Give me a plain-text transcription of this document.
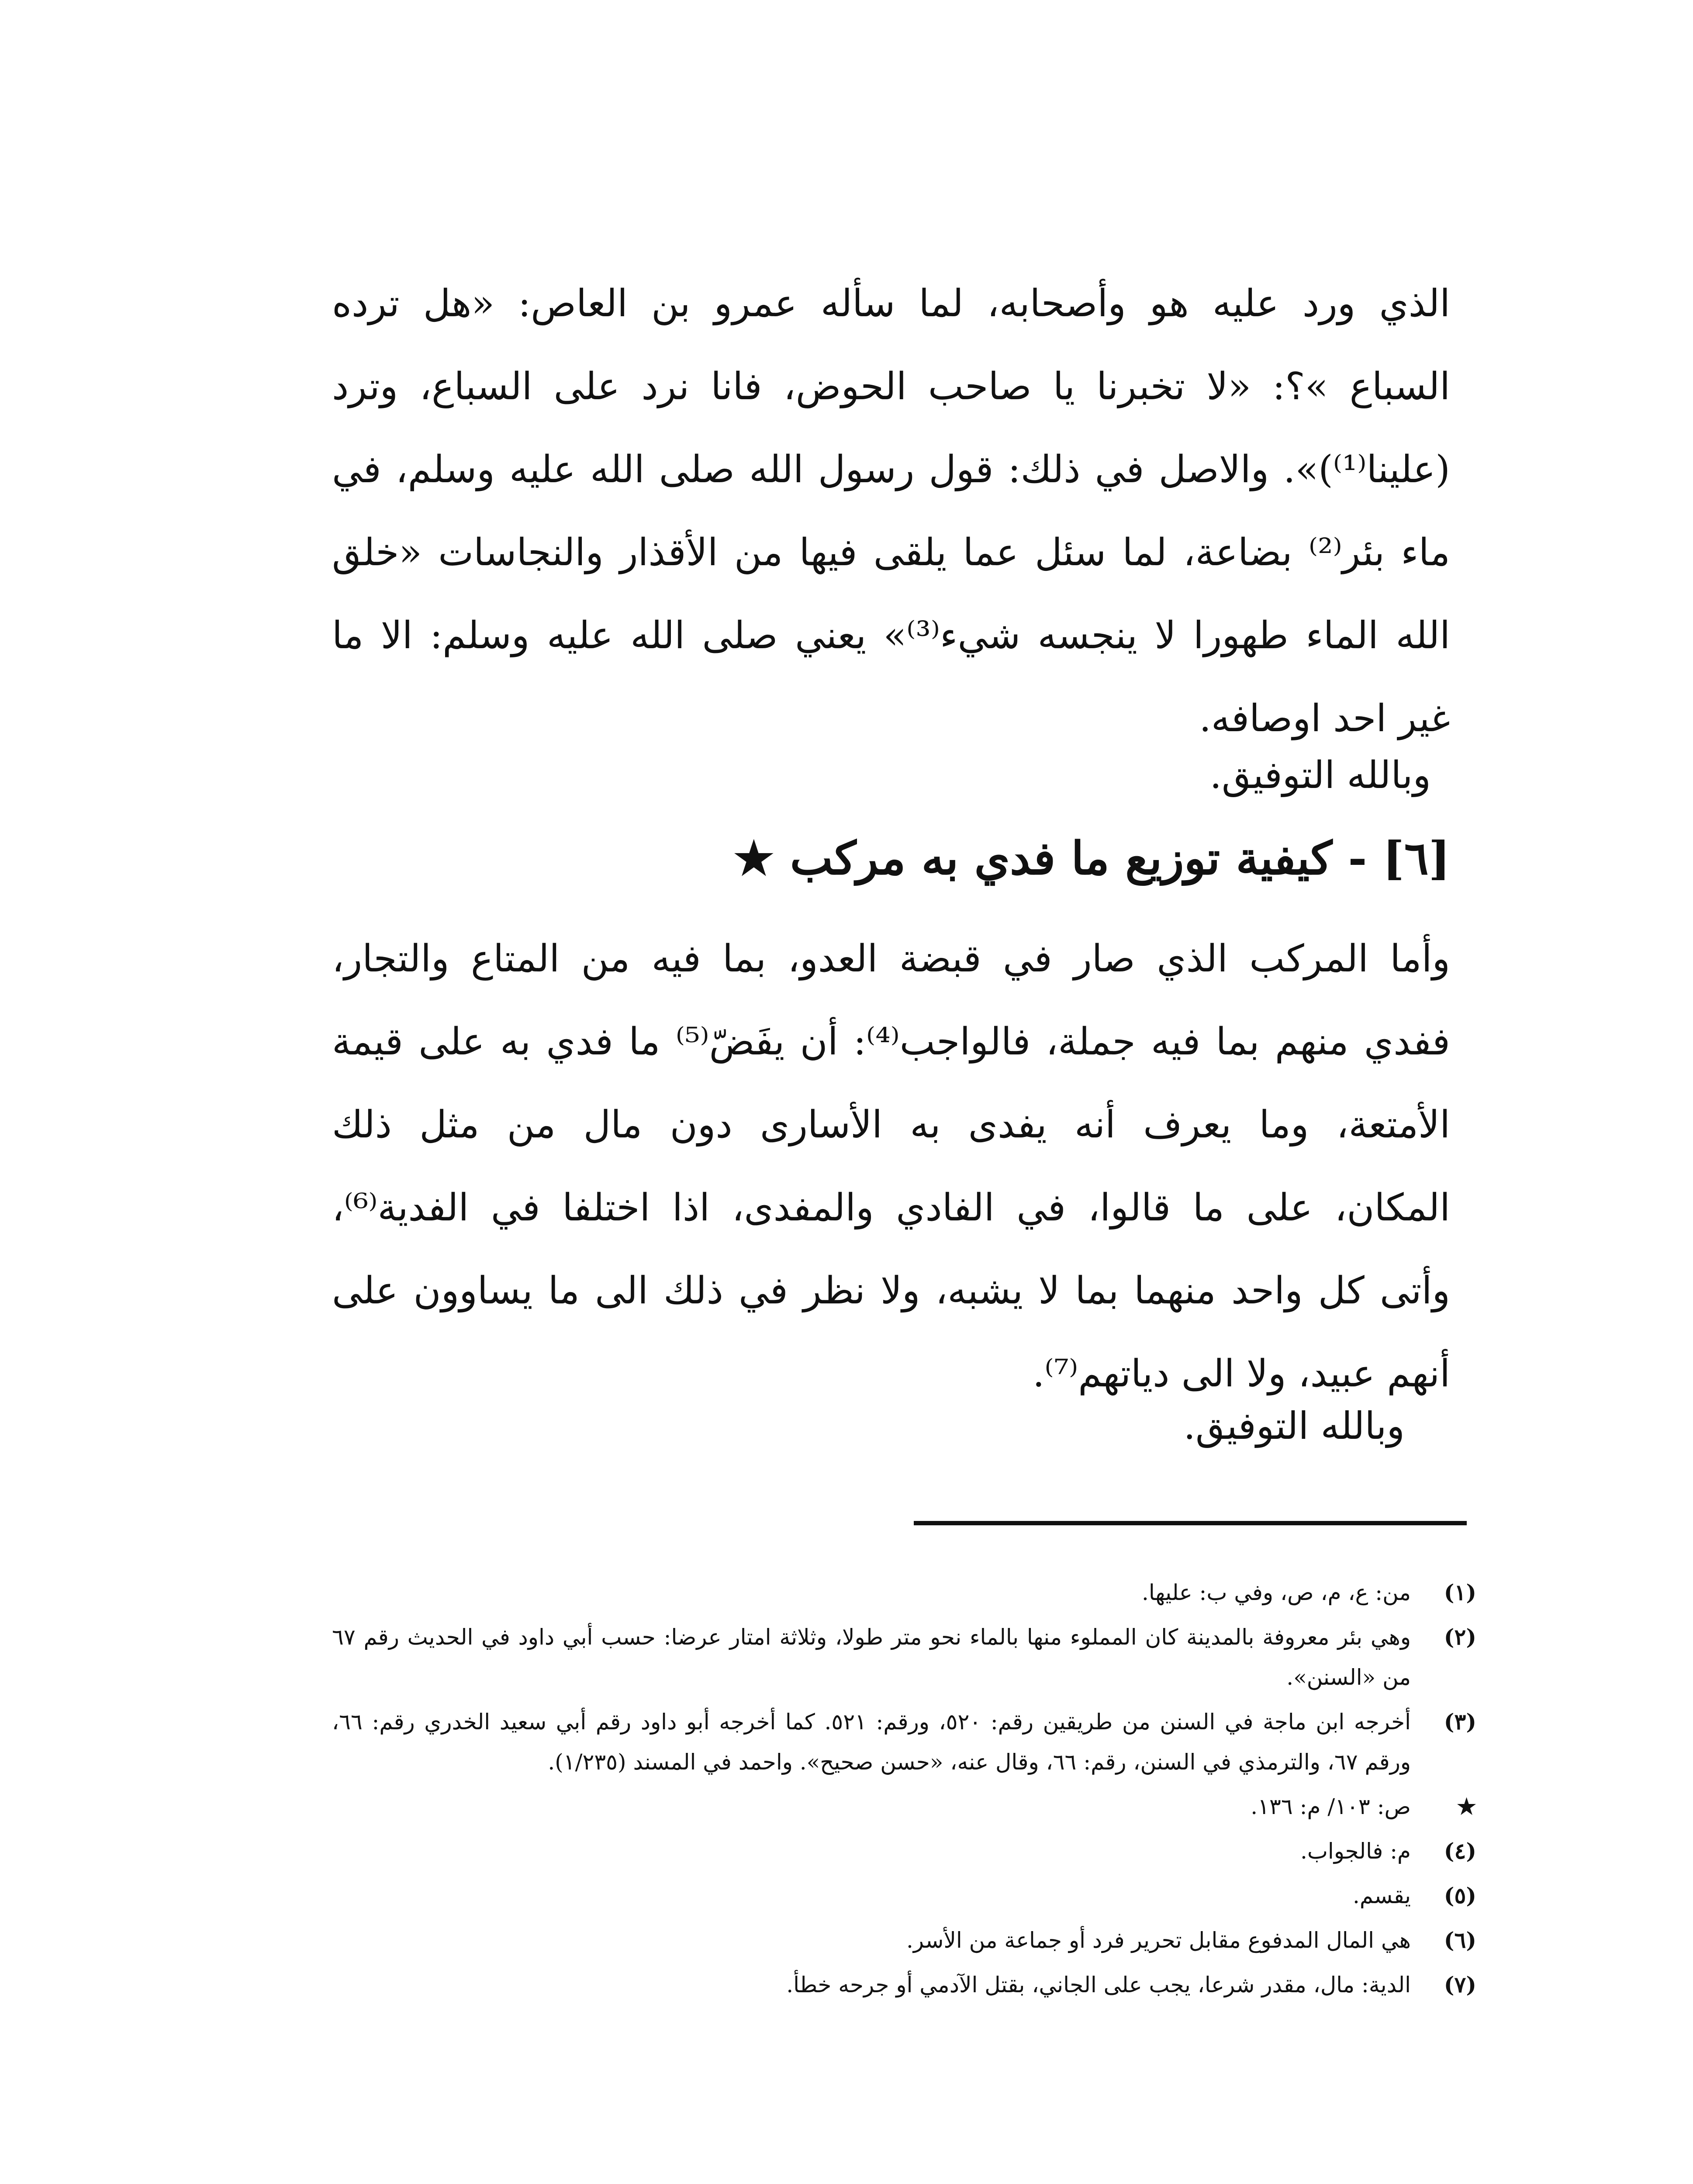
الذي ورد عليه هو وأصحابه، لما سأله عمرو بن العاص: «هل ترده
السباع »؟: «لا تخبرنا يا صاحب الحوض، فانا نرد على السباع، وترد
(علينا⁽¹⁾)». والاصل في ذلك: قول رسول الله صلى الله عليه وسلم، في
ماء بئر⁽²⁾ بضاعة، لما سئل عما يلقى فيها من الأقذار والنجاسات «خلق
الله الماء طهورا لا ينجسه شيء⁽³⁾» يعني صلى الله عليه وسلم: الا ما
غير احد اوصافه.
وبالله التوفيق.
[٦] - كيفية توزيع ما فدي به مركب ★
وأما المركب الذي صار في قبضة العدو، بما فيه من المتاع والتجار،
ففدي منهم بما فيه جملة، فالواجب⁽⁴⁾: أن يفَضّ⁽⁵⁾ ما فدي به على قيمة
الأمتعة، وما يعرف أنه يفدى به الأسارى دون مال من مثل ذلك
المكان، على ما قالوا، في الفادي والمفدى، اذا اختلفا في الفدية⁽⁶⁾،
وأتى كل واحد منهما بما لا يشبه، ولا نظر في ذلك الى ما يساوون على
أنهم عبيد، ولا الى دياتهم⁽⁷⁾.
وبالله التوفيق.
(١)
من: ع، م، ص، وفي ب: عليها.
(٢)
وهي بئر معروفة بالمدينة كان المملوء منها بالماء نحو متر طولا، وثلاثة امتار عرضا: حسب أبي داود في الحديث رقم ٦٧ من «السنن».
(٣)
أخرجه ابن ماجة في السنن من طريقين رقم: ٥٢٠، ورقم: ٥٢١. كما أخرجه أبو داود رقم أبي سعيد الخدري رقم: ٦٦، ورقم ٦٧، والترمذي في السنن، رقم: ٦٦، وقال عنه، «حسن صحيح». واحمد في المسند (١/٢٣٥).
★
ص: ١٠٣/ م: ١٣٦.
(٤)
م: فالجواب.
(٥)
يقسم.
(٦)
هي المال المدفوع مقابل تحرير فرد أو جماعة من الأسر.
(٧)
الدية: مال، مقدر شرعا، يجب على الجاني، بقتل الآدمي أو جرحه خطأ.
